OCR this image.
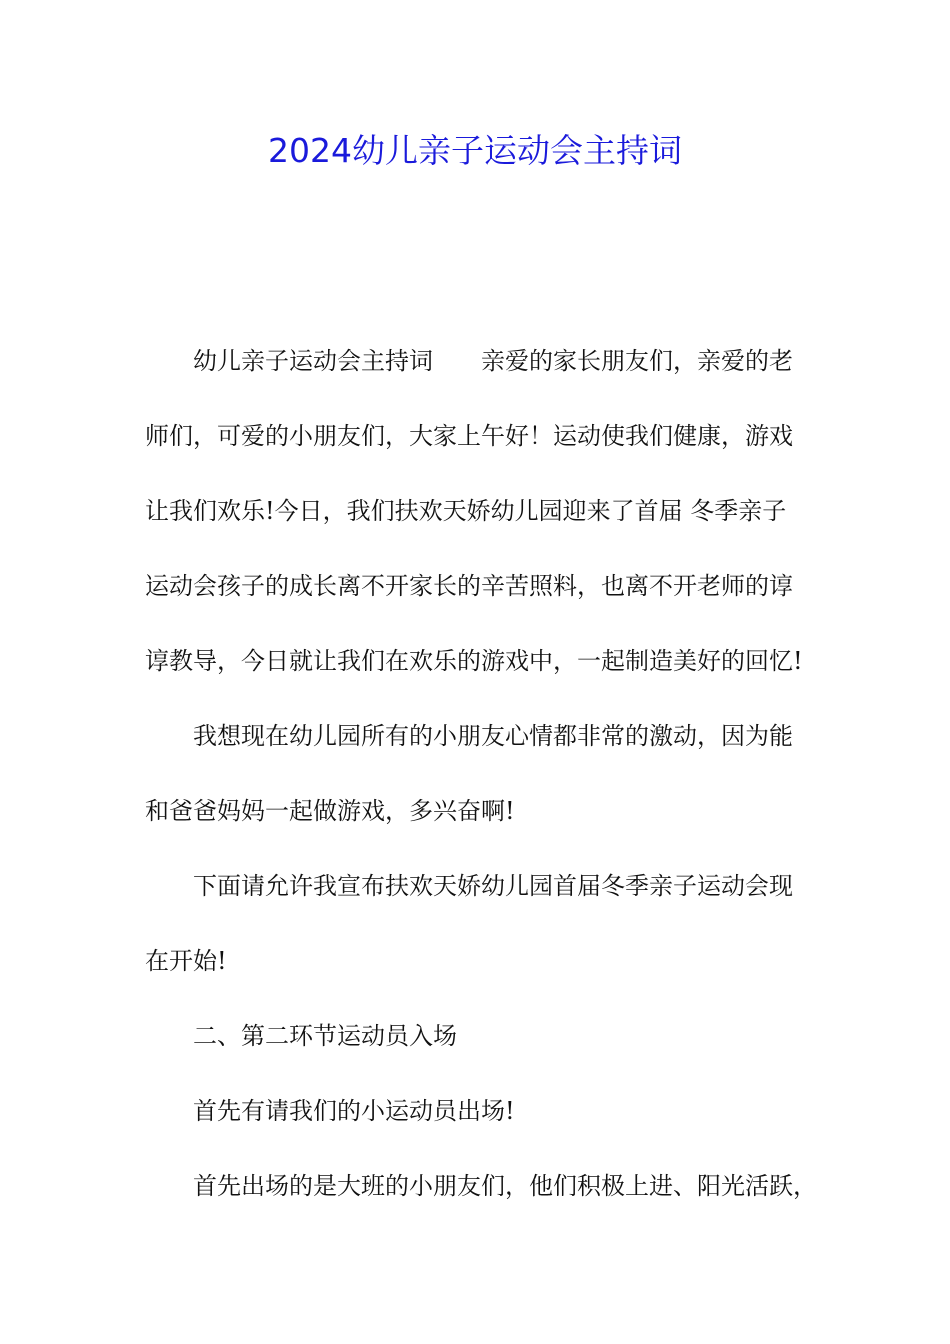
2024幼儿亲子运动会主持词
幼儿亲子运动会主持词 亲爱的家长朋友们，亲爱的老
师们，可爱的小朋友们，大家上午好！运动使我们健康，游戏
让我们欢乐!今日，我们扶欢天娇幼儿园迎来了首届 冬季亲子
运动会孩子的成长离不开家长的辛苦照料，也离不开老师的谆
谆教导，今日就让我们在欢乐的游戏中，一起制造美好的回忆!
我想现在幼儿园所有的小朋友心情都非常的激动，因为能
和爸爸妈妈一起做游戏，多兴奋啊!
下面请允许我宣布扶欢天娇幼儿园首届冬季亲子运动会现
在开始!
二、第二环节运动员入场
首先有请我们的小运动员出场!
首先出场的是大班的小朋友们，他们积极上进、阳光活跃，
